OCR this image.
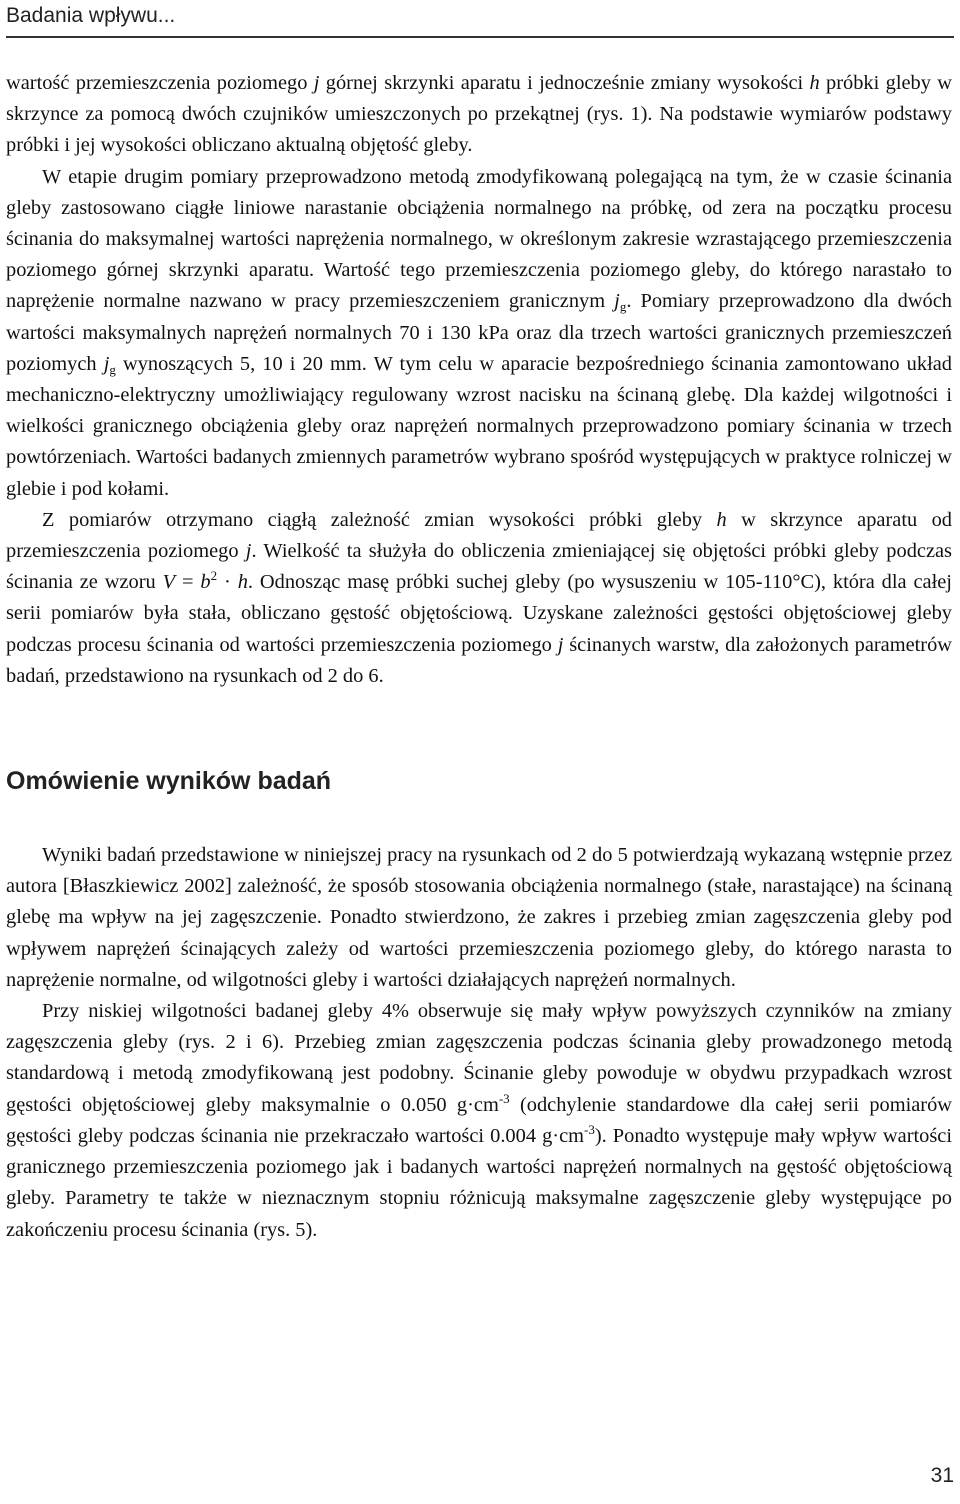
Badania wpływu...

wartość przemieszczenia poziomego j górnej skrzynki aparatu i jednocześnie zmiany wysokości h próbki gleby w skrzynce za pomocą dwóch czujników umieszczonych po przekątnej (rys. 1). Na podstawie wymiarów podstawy próbki i jej wysokości obliczano aktualną objętość gleby.

W etapie drugim pomiary przeprowadzono metodą zmodyfikowaną polegającą na tym, że w czasie ścinania gleby zastosowano ciągłe liniowe narastanie obciążenia normalnego na próbkę, od zera na początku procesu ścinania do maksymalnej wartości naprężenia normalnego, w określonym zakresie wzrastającego przemieszczenia poziomego górnej skrzynki aparatu. Wartość tego przemieszczenia poziomego gleby, do którego narastało to naprężenie normalne nazwano w pracy przemieszczeniem granicznym $j_g$. Pomiary przeprowadzono dla dwóch wartości maksymalnych naprężeń normalnych 70 i 130 kPa oraz dla trzech wartości granicznych przemieszczeń poziomych $j_g$ wynoszących 5, 10 i 20 mm. W tym celu w aparacie bezpośredniego ścinania zamontowano układ mechaniczno-elektryczny umożliwiający regulowany wzrost nacisku na ścinaną glebę. Dla każdej wilgotności i wielkości granicznego obciążenia gleby oraz naprężeń normalnych przeprowadzono pomiary ścinania w trzech powtórzeniach. Wartości badanych zmiennych parametrów wybrano spośród występujących w praktyce rolniczej w glebie i pod kołami.

Z pomiarów otrzymano ciągłą zależność zmian wysokości próbki gleby h w skrzynce aparatu od przemieszczenia poziomego j. Wielkość ta służyła do obliczenia zmieniającej się objętości próbki gleby podczas ścinania ze wzoru $V = b^2 \cdot h$. Odnosząc masę próbki suchej gleby (po wysuszeniu w 105-110°C), która dla całej serii pomiarów była stała, obliczano gęstość objętościową. Uzyskane zależności gęstości objętościowej gleby podczas procesu ścinania od wartości przemieszczenia poziomego j ścinanych warstw, dla założonych parametrów badań, przedstawiono na rysunkach od 2 do 6.

Omówienie wyników badań

Wyniki badań przedstawione w niniejszej pracy na rysunkach od 2 do 5 potwierdzają wykazaną wstępnie przez autora [Błaszkiewicz 2002] zależność, że sposób stosowania obciążenia normalnego (stałe, narastające) na ścinaną glebę ma wpływ na jej zagęszczenie. Ponadto stwierdzono, że zakres i przebieg zmian zagęszczenia gleby pod wpływem naprężeń ścinających zależy od wartości przemieszczenia poziomego gleby, do którego narasta to naprężenie normalne, od wilgotności gleby i wartości działających naprężeń normalnych.

Przy niskiej wilgotności badanej gleby 4% obserwuje się mały wpływ powyższych czynników na zmiany zagęszczenia gleby (rys. 2 i 6). Przebieg zmian zagęszczenia podczas ścinania gleby prowadzonego metodą standardową i metodą zmodyfikowaną jest podobny. Ścinanie gleby powoduje w obydwu przypadkach wzrost gęstości objętościowej gleby maksymalnie o 0.050 $g\cdot cm^{-3}$ (odchylenie standardowe dla całej serii pomiarów gęstości gleby podczas ścinania nie przekraczało wartości 0.004 $g\cdot cm^{-3}$). Ponadto występuje mały wpływ wartości granicznego przemieszczenia poziomego jak i badanych wartości naprężeń normalnych na gęstość objętościową gleby. Parametry te także w nieznacznym stopniu różnicują maksymalne zagęszczenie gleby występujące po zakończeniu procesu ścinania (rys. 5).

31
